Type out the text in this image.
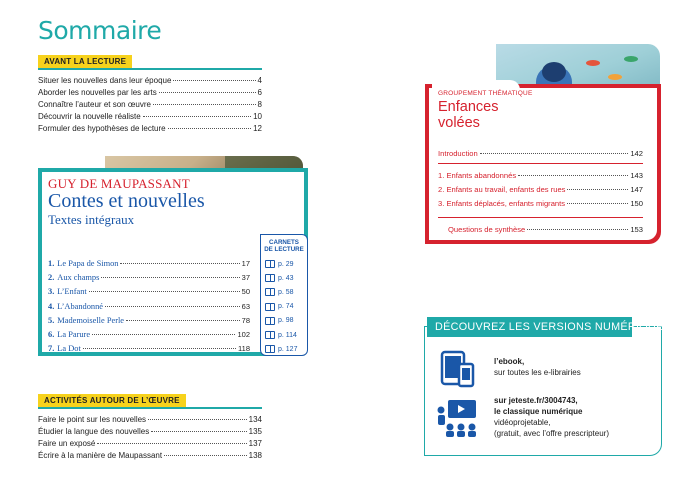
Sommaire
AVANT LA LECTURE
Situer les nouvelles dans leur époque	4
Aborder les nouvelles par les arts	6
Connaître l’auteur et son œuvre	8
Découvrir la nouvelle réaliste	10
Formuler des hypothèses de lecture	12
GUY DE MAUPASSANT
Contes et nouvelles
Textes intégraux
1. Le Papa de Simon	17
2. Aux champs	37
3. L’Enfant	50
4. L’Abandonné	63
5. Mademoiselle Perle	78
6. La Parure	102
7. La Dot	118
CARNETS
DE LECTURE
p. 29
p. 43
p. 58
p. 74
p. 98
p. 114
p. 127
ACTIVITÉS AUTOUR DE L’ŒUVRE
Faire le point sur les nouvelles	134
Étudier la langue des nouvelles	135
Faire un exposé	137
Écrire à la manière de Maupassant	138
GROUPEMENT THÉMATIQUE
Enfances
volées
Introduction	142
1. Enfants abandonnés	143
2. Enfants au travail, enfants des rues	147
3. Enfants déplacés, enfants migrants	150
Questions de synthèse	153
DÉCOUVREZ LES VERSIONS NUMÉRIQUES
l’ebook,
sur toutes les e-librairies
sur jeteste.fr/3004743,
le classique numérique
vidéoprojetable,
(gratuit, avec l’offre prescripteur)
